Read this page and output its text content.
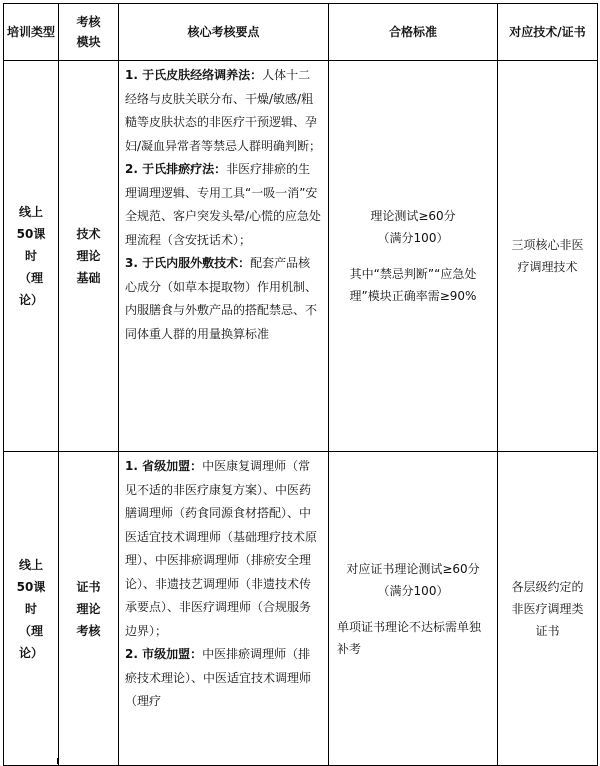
培训类型	考核模块	核心考核要点	合格标准	对应技术/证书
线上50课时（理论）	技术理论基础	1. 于氏皮肤经络调养法：人体十二经络与皮肤关联分布、干燥/敏感/粗糙等皮肤状态的非医疗干预逻辑、孕妇/凝血异常者等禁忌人群明确判断；
2. 于氏排瘀疗法：非医疗排瘀的生理调理逻辑、专用工具“一吸一消”安全规范、客户突发头晕/心慌的应急处理流程（含安抚话术）；
3. 于氏内服外敷技术：配套产品核心成分（如草本提取物）作用机制、内服膳食与外敷产品的搭配禁忌、不同体重人群的用量换算标准	理论测试≥60分
（满分100）
其中“禁忌判断”“应急处理”模块正确率需≥90%	三项核心非医疗调理技术
线上50课时（理论）	证书理论考核	1. 省级加盟：中医康复调理师（常见不适的非医疗康复方案）、中医药膳调理师（药食同源食材搭配）、中医适宜技术调理师（基础理疗技术原理）、中医排瘀调理师（排瘀安全理论）、非遗技艺调理师（非遗技术传承要点）、非医疗调理师（合规服务边界）；
2. 市级加盟：中医排瘀调理师（排瘀技术理论）、中医适宜技术调理师（理疗	对应证书理论测试≥60分
（满分100）
单项证书理论不达标需单独补考	各层级约定的非医疗调理类证书
